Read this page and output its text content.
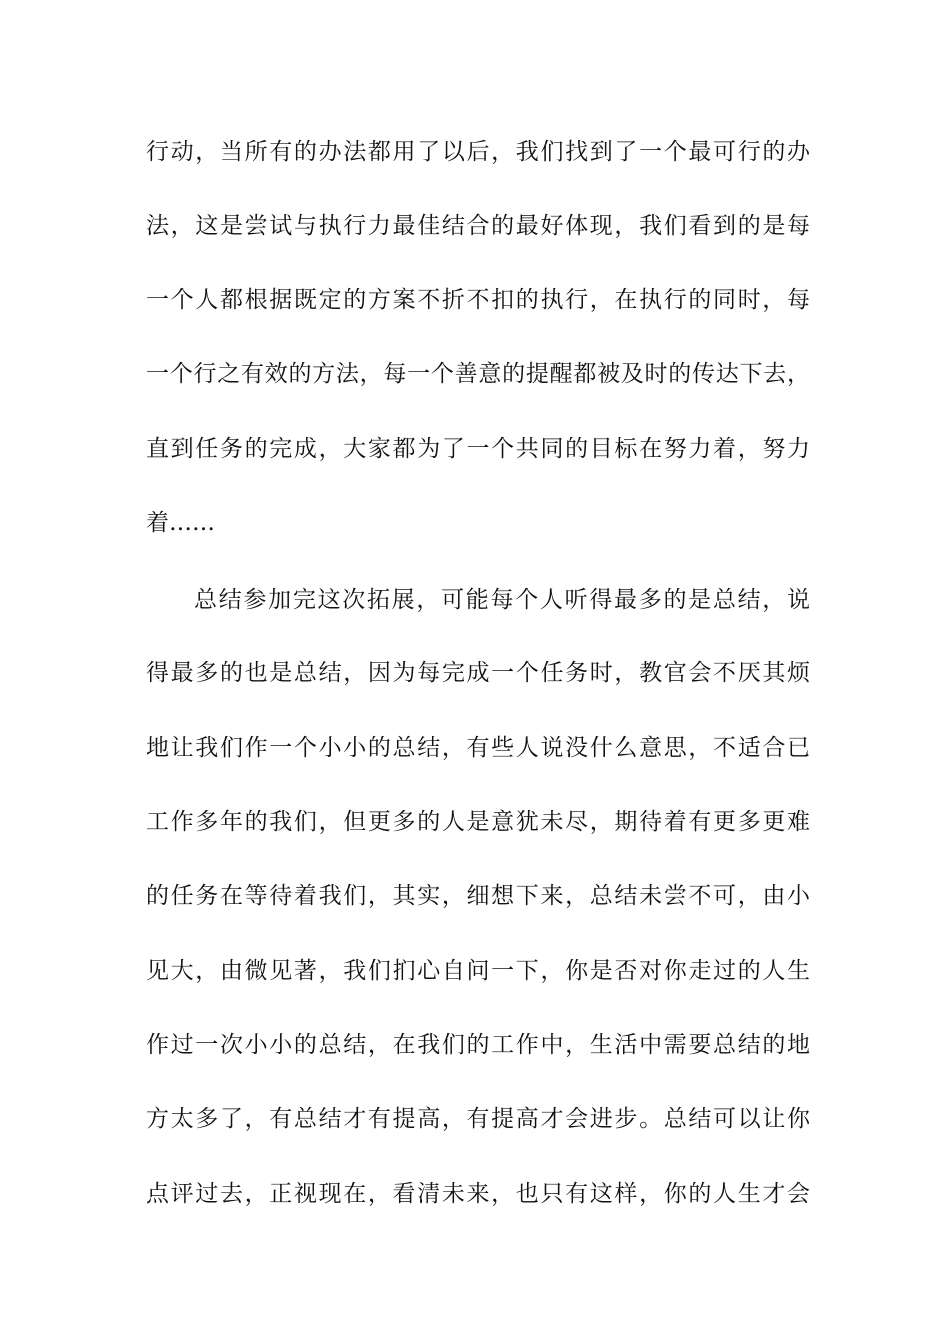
行动，当所有的办法都用了以后，我们找到了一个最可行的办
法，这是尝试与执行力最佳结合的最好体现，我们看到的是每
一个人都根据既定的方案不折不扣的执行，在执行的同时，每
一个行之有效的方法，每一个善意的提醒都被及时的传达下去，
直到任务的完成，大家都为了一个共同的目标在努力着，努力
着……
总结参加完这次拓展，可能每个人听得最多的是总结，说
得最多的也是总结，因为每完成一个任务时，教官会不厌其烦
地让我们作一个小小的总结，有些人说没什么意思，不适合已
工作多年的我们，但更多的人是意犹未尽，期待着有更多更难
的任务在等待着我们，其实，细想下来，总结未尝不可，由小
见大，由微见著，我们扪心自问一下，你是否对你走过的人生
作过一次小小的总结，在我们的工作中，生活中需要总结的地
方太多了，有总结才有提高，有提高才会进步。总结可以让你
点评过去，正视现在，看清未来，也只有这样，你的人生才会
